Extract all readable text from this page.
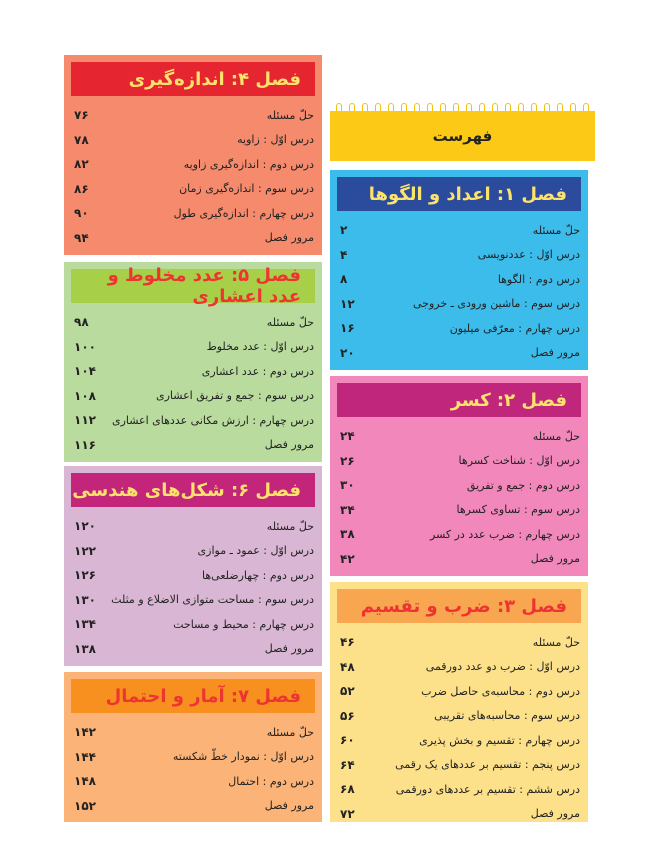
فصل ۴: اندازه‌گیری
حلّ مسئله
۷۶
درس اوّل : زاویه
۷۸
درس دوم : اندازه‌گیری زاویه
۸۲
درس سوم : اندازه‌گیری زمان
۸۶
درس چهارم : اندازه‌گیری طول
۹۰
مرور فصل
۹۴
فصل ۵: عدد مخلوط و عدد اعشاری
حلّ مسئله
۹۸
درس اوّل : عدد مخلوط
۱۰۰
درس دوم : عدد اعشاری
۱۰۴
درس سوم : جمع و تفریق اعشاری
۱۰۸
درس چهارم : ارزش مکانی عددهای اعشاری
۱۱۲
مرور فصل
۱۱۶
فصل ۶: شکل‌های هندسی
حلّ مسئله
۱۲۰
درس اوّل : عمود ـ موازی
۱۲۲
درس دوم : چهارضلعی‌ها
۱۲۶
درس سوم : مساحت متوازی الاضلاع و مثلث
۱۳۰
درس چهارم : محیط و مساحت
۱۳۴
مرور فصل
۱۳۸
فصل ۷: آمار و احتمال
حلّ مسئله
۱۴۲
درس اوّل : نمودار خطّ شکسته
۱۴۴
درس دوم : احتمال
۱۴۸
مرور فصل
۱۵۲
فهرست
فصل ۱: اعداد و الگوها
حلّ مسئله
۲
درس اوّل : عددنویسی
۴
درس دوم : الگوها
۸
درس سوم : ماشین ورودی ـ خروجی
۱۲
درس چهارم : معرّفی میلیون
۱۶
مرور فصل
۲۰
فصل ۲: کسر
حلّ مسئله
۲۴
درس اوّل : شناخت کسرها
۲۶
درس دوم : جمع و تفریق
۳۰
درس سوم : تساوی کسرها
۳۴
درس چهارم : ضرب عدد در کسر
۳۸
مرور فصل
۴۲
فصل ۳: ضرب و تقسیم
حلّ مسئله
۴۶
درس اوّل : ضرب دو عدد دورقمی
۴۸
درس دوم : محاسبه‌ی حاصل ضرب
۵۲
درس سوم : محاسبه‌های تقریبی
۵۶
درس چهارم : تقسیم و بخش پذیری
۶۰
درس پنجم : تقسیم بر عددهای یک رقمی
۶۴
درس ششم : تقسیم بر عددهای دورقمی
۶۸
مرور فصل
۷۲
